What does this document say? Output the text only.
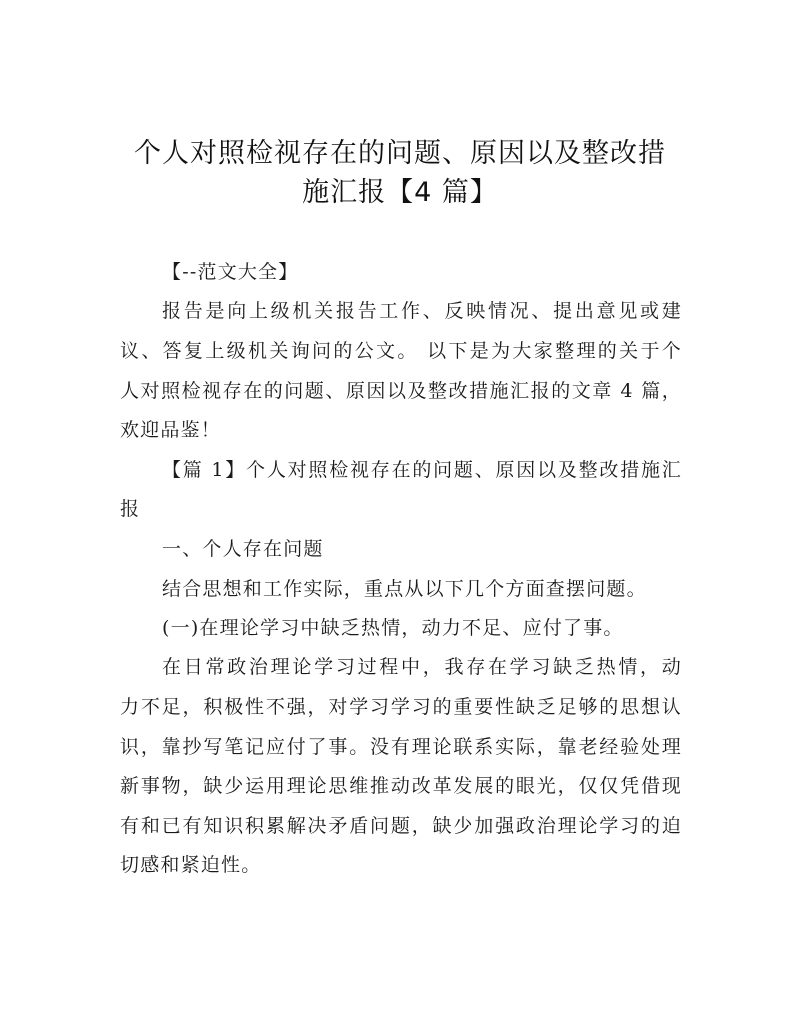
个人对照检视存在的问题、原因以及整改措
施汇报【4 篇】
【--范文大全】
报告是向上级机关报告工作、反映情况、提出意见或建
议、答复上级机关询问的公文。 以下是为大家整理的关于个
人对照检视存在的问题、原因以及整改措施汇报的文章 4 篇，
欢迎品鉴！
【篇 1】个人对照检视存在的问题、原因以及整改措施汇
报
一、个人存在问题
结合思想和工作实际，重点从以下几个方面查摆问题。
(一)在理论学习中缺乏热情，动力不足、应付了事。
在日常政治理论学习过程中，我存在学习缺乏热情，动
力不足，积极性不强，对学习学习的重要性缺乏足够的思想认
识，靠抄写笔记应付了事。没有理论联系实际，靠老经验处理
新事物，缺少运用理论思维推动改革发展的眼光，仅仅凭借现
有和已有知识积累解决矛盾问题，缺少加强政治理论学习的迫
切感和紧迫性。
